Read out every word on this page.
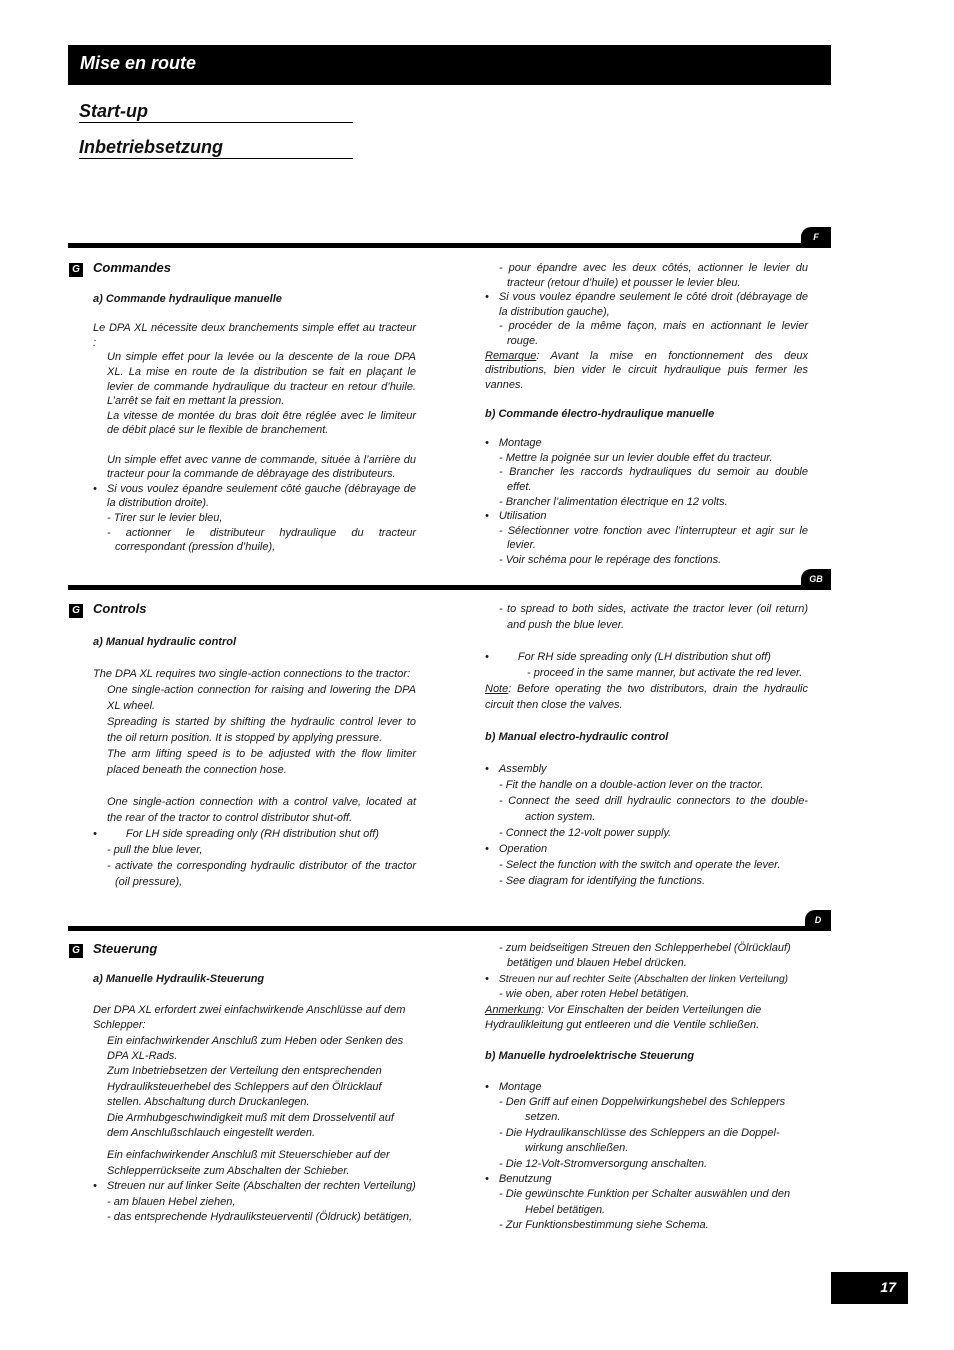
Mise en route
Start-up
Inbetriebsetzung
F
G Commandes

a) Commande hydraulique manuelle

Le DPA XL nécessite deux branchements simple effet au tracteur :

Un simple effet pour la levée ou la descente de la roue DPA XL. La mise en route de la distribution se fait en plaçant le levier de commande hydraulique du tracteur en retour d’huile. L’arrêt se fait en mettant la pression.

La vitesse de montée du bras doit être réglée avec le limiteur de débit placé sur le flexible de branchement.

Un simple effet avec vanne de commande, située à l’arrière du tracteur pour la commande de débrayage des distributeurs.

• Si vous voulez épandre seulement côté gauche (débrayage de la distribution droite).

- Tirer sur le levier bleu,

- actionner le distributeur hydraulique du tracteur correspondant (pression d’huile),

- pour épandre avec les deux côtés, actionner le levier du tracteur (retour d’huile) et pousser le levier bleu.

• Si vous voulez épandre seulement le côté droit (débrayage de la distribution gauche),

- procéder de la même façon, mais en actionnant le levier rouge.

Remarque: Avant la mise en fonctionnement des deux distributions, bien vider le circuit hydraulique puis fermer les vannes.

b) Commande électro-hydraulique manuelle

• Montage

- Mettre la poignée sur un levier double effet du tracteur.

- Brancher les raccords hydrauliques du semoir au double effet.

- Brancher l’alimentation électrique en 12 volts.

• Utilisation

- Sélectionner votre fonction avec l’interrupteur et agir sur le levier.

- Voir schéma pour le repérage des fonctions.

GB
G Controls

a) Manual hydraulic control

The DPA XL requires two single-action connections to the tractor:

One single-action connection for raising and lowering the DPA XL wheel.

Spreading is started by shifting the hydraulic control lever to the oil return position. It is stopped by applying pressure.

The arm lifting speed is to be adjusted with the flow limiter placed beneath the connection hose.

One single-action connection with a control valve, located at the rear of the tractor to control distributor shut-off.

•	For LH side spreading only (RH distribution shut off)

- pull the blue lever,

- activate the corresponding hydraulic distributor of the tractor (oil pressure),

- to spread to both sides, activate the tractor lever (oil return) and push the blue lever.

•	For RH side spreading only (LH distribution shut off)

- proceed in the same manner, but activate the red lever.

Note: Before operating the two distributors, drain the hydraulic circuit then close the valves.

b) Manual electro-hydraulic control

• Assembly

- Fit the handle on a double-action lever on the tractor.

- Connect the seed drill hydraulic connectors to the double-action system.

- Connect the 12-volt power supply.

• Operation

- Select the function with the switch and operate the lever.

- See diagram for identifying the functions.

D
G Steuerung

a) Manuelle Hydraulik-Steuerung

Der DPA XL erfordert zwei einfachwirkende Anschlüsse auf dem Schlepper:

Ein einfachwirkender Anschluß zum Heben oder Senken des DPA XL-Rads.

Zum Inbetriebsetzen der Verteilung den entsprechenden Hydrauliksteuerhebel des Schleppers auf den Ölrücklauf stellen. Abschaltung durch Druckanlegen.

Die Armhubgeschwindigkeit muß mit dem Drosselventil auf dem Anschlußschlauch eingestellt werden.

Ein einfachwirkender Anschluß mit Steuerschieber auf der Schlepperrückseite zum Abschalten der Schieber.

• Streuen nur auf linker Seite (Abschalten der rechten Verteilung)

- am blauen Hebel ziehen,

- das entsprechende Hydrauliksteuerventil (Öldruck) betätigen,

- zum beidseitigen Streuen den Schlepperhebel (Ölrücklauf) betätigen und blauen Hebel drücken.

• Streuen nur auf rechter Seite (Abschalten der linken Verteilung)

- wie oben, aber roten Hebel betätigen.

Anmerkung: Vor Einschalten der beiden Verteilungen die Hydraulikleitung gut entleeren und die Ventile schließen.

b) Manuelle hydroelektrische Steuerung

• Montage

- Den Griff auf einen Doppelwirkungshebel des Schleppers setzen.

- Die Hydraulikanschlüsse des Schleppers an die Doppel-wirkung anschließen.

- Die 12-Volt-Stromversorgung anschalten.

• Benutzung

- Die gewünschte Funktion per Schalter auswählen und den Hebel betätigen.

- Zur Funktionsbestimmung siehe Schema.

17
